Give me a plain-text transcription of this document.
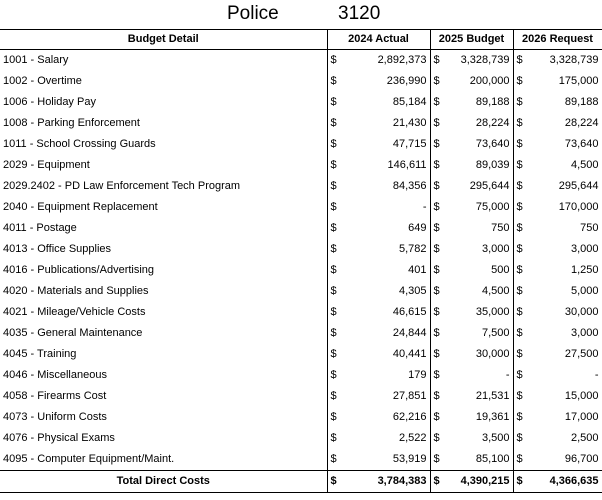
Police	3120
Budget Detail	2024 Actual		2025 Budget		2026 Request	
1001 - Salary	$	2,892,373	$	3,328,739	$	3,328,739
1002 - Overtime	$	236,990	$	200,000	$	175,000
1006 - Holiday Pay	$	85,184	$	89,188	$	89,188
1008 - Parking Enforcement	$	21,430	$	28,224	$	28,224
1011 - School Crossing Guards	$	47,715	$	73,640	$	73,640
2029 - Equipment	$	146,611	$	89,039	$	4,500
2029.2402 - PD Law Enforcement Tech Program	$	84,356	$	295,644	$	295,644
2040 - Equipment Replacement	$	-	$	75,000	$	170,000
4011 - Postage	$	649	$	750	$	750
4013 - Office Supplies	$	5,782	$	3,000	$	3,000
4016 - Publications/Advertising	$	401	$	500	$	1,250
4020 - Materials and Supplies	$	4,305	$	4,500	$	5,000
4021 - Mileage/Vehicle Costs	$	46,615	$	35,000	$	30,000
4035 - General Maintenance	$	24,844	$	7,500	$	3,000
4045 - Training	$	40,441	$	30,000	$	27,500
4046 - Miscellaneous	$	179	$	-	$	-
4058 - Firearms Cost	$	27,851	$	21,531	$	15,000
4073 - Uniform Costs	$	62,216	$	19,361	$	17,000
4076 - Physical Exams	$	2,522	$	3,500	$	2,500
4095 - Computer Equipment/Maint.	$	53,919	$	85,100	$	96,700
Total Direct Costs	$	3,784,383	$	4,390,215	$	4,366,635
